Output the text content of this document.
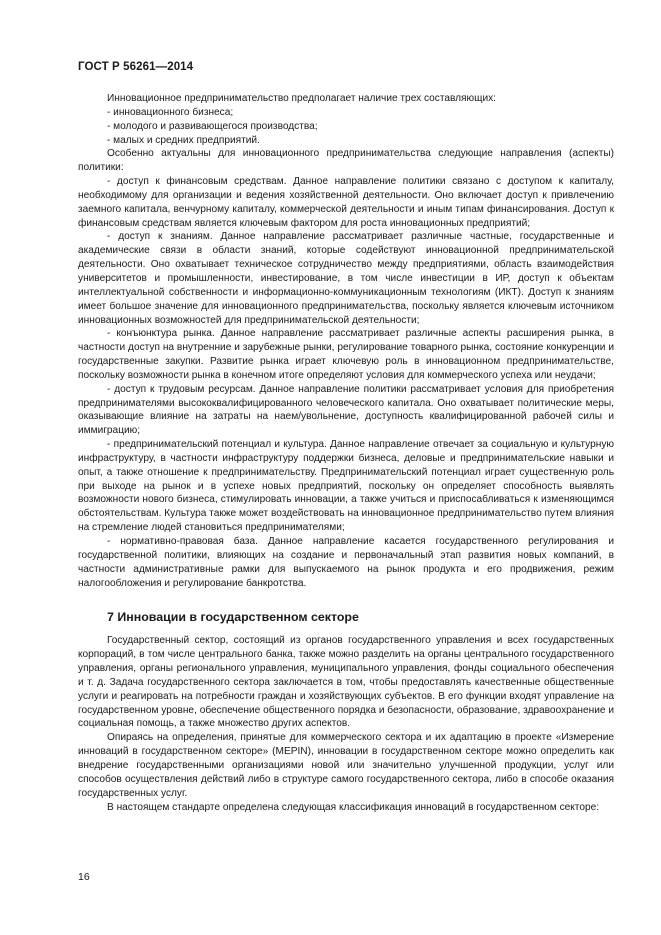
ГОСТ Р 56261—2014

Инновационное предпринимательство предполагает наличие трех составляющих:

- инновационного бизнеса;

- молодого и развивающегося производства;

- малых и средних предприятий.

Особенно актуальны для инновационного предпринимательства следующие направления (аспекты) политики:

- доступ к финансовым средствам. Данное направление политики связано с доступом к капиталу, необходимому для организации и ведения хозяйственной деятельности. Оно включает доступ к привлечению заемного капитала, венчурному капиталу, коммерческой деятельности и иным типам финансирования. Доступ к финансовым средствам является ключевым фактором для роста инновационных предприятий;

- доступ к знаниям. Данное направление рассматривает различные частные, государственные и академические связи в области знаний, которые содействуют инновационной предпринимательской деятельности. Оно охватывает техническое сотрудничество между предприятиями, область взаимодействия университетов и промышленности, инвестирование, в том числе инвестиции в ИР, доступ к объектам интеллектуальной собственности и информационно-коммуникационным технологиям (ИКТ). Доступ к знаниям имеет большое значение для инновационного предпринимательства, поскольку является ключевым источником инновационных возможностей для предпринимательской деятельности;

- конъюнктура рынка. Данное направление рассматривает различные аспекты расширения рынка, в частности доступ на внутренние и зарубежные рынки, регулирование товарного рынка, состояние конкуренции и государственные закупки. Развитие рынка играет ключевую роль в инновационном предпринимательстве, поскольку возможности рынка в конечном итоге определяют условия для коммерческого успеха или неудачи;

- доступ к трудовым ресурсам. Данное направление политики рассматривает условия для приобретения предпринимателями высококвалифицированного человеческого капитала. Оно охватывает политические меры, оказывающие влияние на затраты на наем/увольнение, доступность квалифицированной рабочей силы и иммиграцию;

- предпринимательский потенциал и культура. Данное направление отвечает за социальную и культурную инфраструктуру, в частности инфраструктуру поддержки бизнеса, деловые и предпринимательские навыки и опыт, а также отношение к предпринимательству. Предпринимательский потенциал играет существенную роль при выходе на рынок и в успехе новых предприятий, поскольку он определяет способность выявлять возможности нового бизнеса, стимулировать инновации, а также учиться и приспосабливаться к изменяющимся обстоятельствам. Культура также может воздействовать на инновационное предпринимательство путем влияния на стремление людей становиться предпринимателями;

- нормативно-правовая база. Данное направление касается государственного регулирования и государственной политики, влияющих на создание и первоначальный этап развития новых компаний, в частности административные рамки для выпускаемого на рынок продукта и его продвижения, режим налогообложения и регулирование банкротства.

7 Инновации в государственном секторе

Государственный сектор, состоящий из органов государственного управления и всех государственных корпораций, в том числе центрального банка, также можно разделить на органы центрального государственного управления, органы регионального управления, муниципального управления, фонды социального обеспечения и т. д. Задача государственного сектора заключается в том, чтобы предоставлять качественные общественные услуги и реагировать на потребности граждан и хозяйствующих субъектов. В его функции входят управление на государственном уровне, обеспечение общественного порядка и безопасности, образование, здравоохранение и социальная помощь, а также множество других аспектов.

Опираясь на определения, принятые для коммерческого сектора и их адаптацию в проекте «Измерение инноваций в государственном секторе» (MEPIN), инновации в государственном секторе можно определить как внедрение государственными организациями новой или значительно улучшенной продукции, услуг или способов осуществления действий либо в структуре самого государственного сектора, либо в способе оказания государственных услуг.

В настоящем стандарте определена следующая классификация инноваций в государственном секторе:

16
